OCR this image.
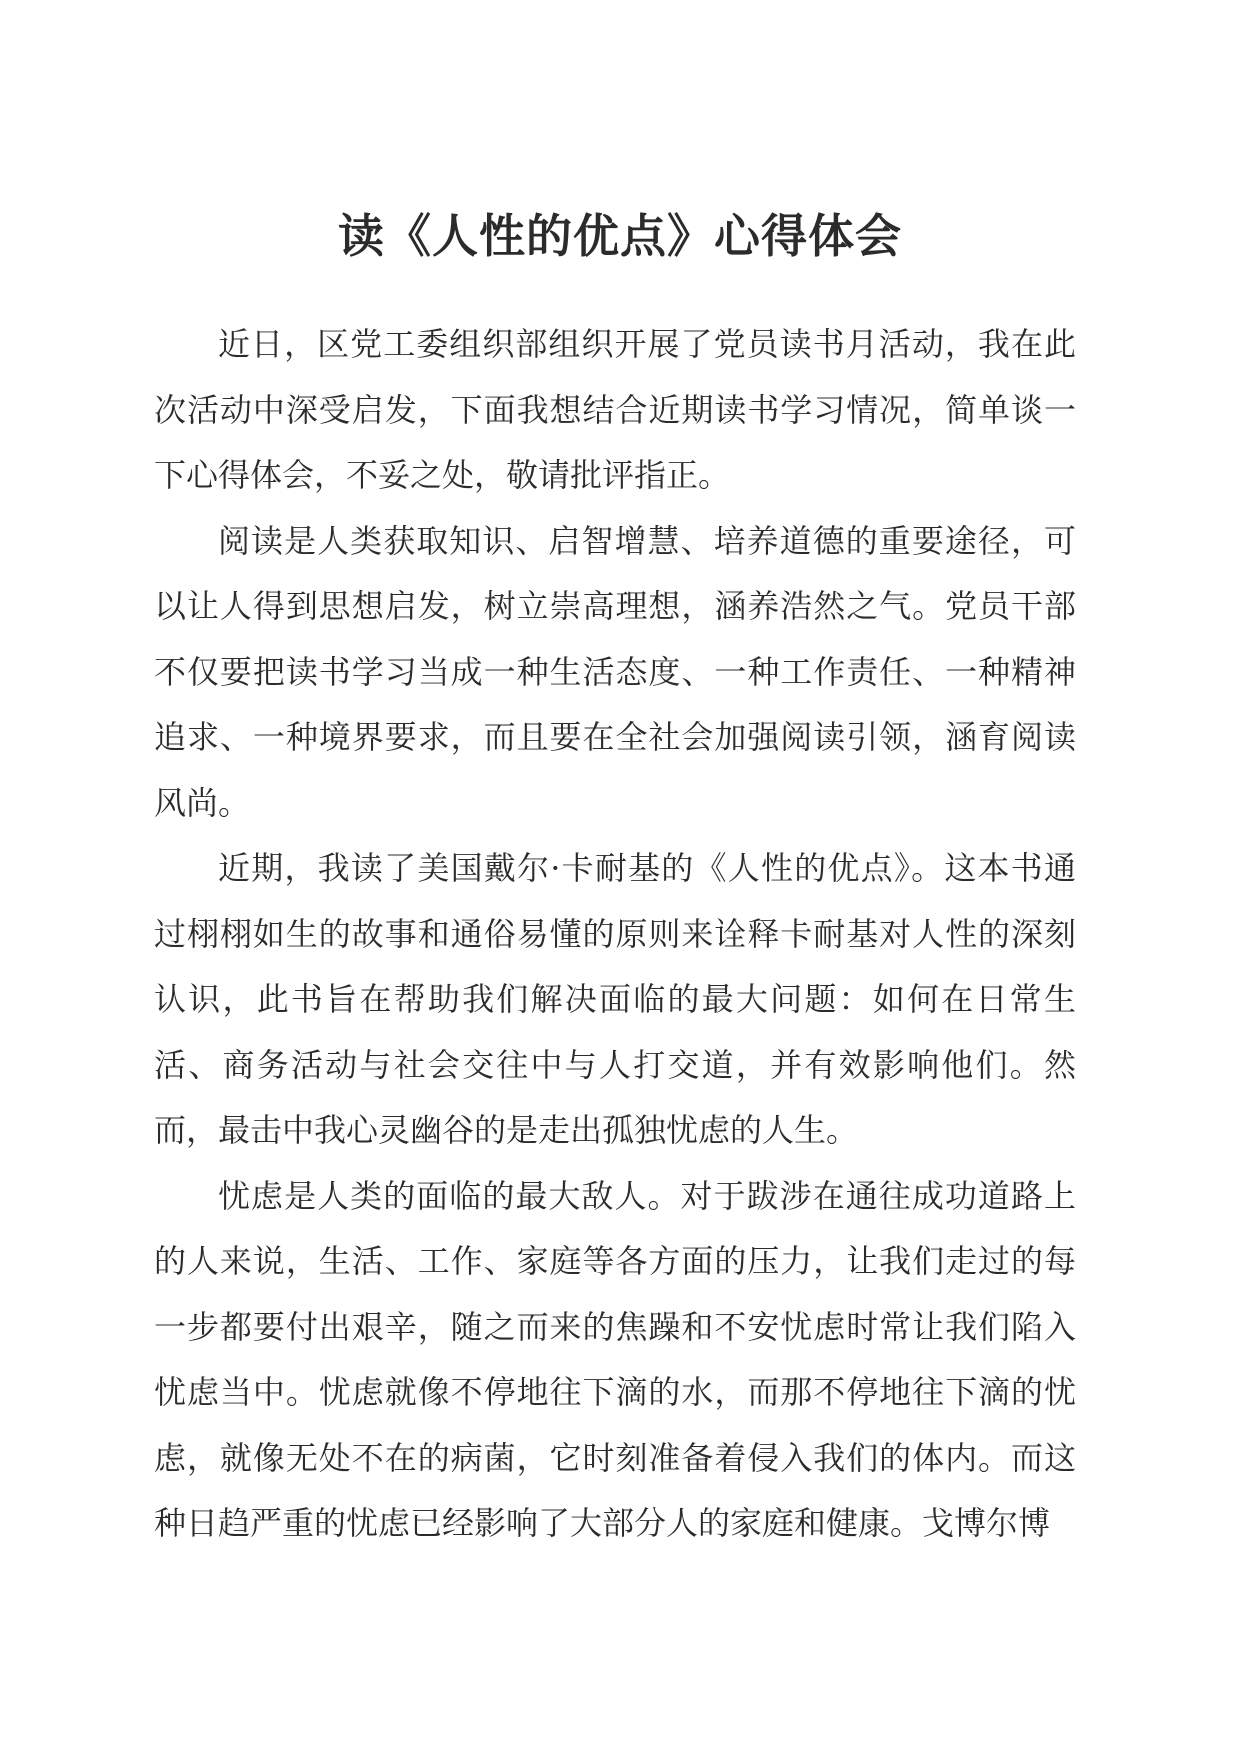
读《人性的优点》心得体会

近日，区党工委组织部组织开展了党员读书月活动，我在此次活动中深受启发，下面我想结合近期读书学习情况，简单谈一下心得体会，不妥之处，敬请批评指正。

阅读是人类获取知识、启智增慧、培养道德的重要途径，可以让人得到思想启发，树立崇高理想，涵养浩然之气。党员干部不仅要把读书学习当成一种生活态度、一种工作责任、一种精神追求、一种境界要求，而且要在全社会加强阅读引领，涵育阅读风尚。

近期，我读了美国戴尔·卡耐基的《人性的优点》。这本书通过栩栩如生的故事和通俗易懂的原则来诠释卡耐基对人性的深刻认识，此书旨在帮助我们解决面临的最大问题：如何在日常生活、商务活动与社会交往中与人打交道，并有效影响他们。然而，最击中我心灵幽谷的是走出孤独忧虑的人生。

忧虑是人类的面临的最大敌人。对于跋涉在通往成功道路上的人来说，生活、工作、家庭等各方面的压力，让我们走过的每一步都要付出艰辛，随之而来的焦躁和不安忧虑时常让我们陷入忧虑当中。忧虑就像不停地往下滴的水，而那不停地往下滴的忧虑，就像无处不在的病菌，它时刻准备着侵入我们的体内。而这种日趋严重的忧虑已经影响了大部分人的家庭和健康。戈博尔博
